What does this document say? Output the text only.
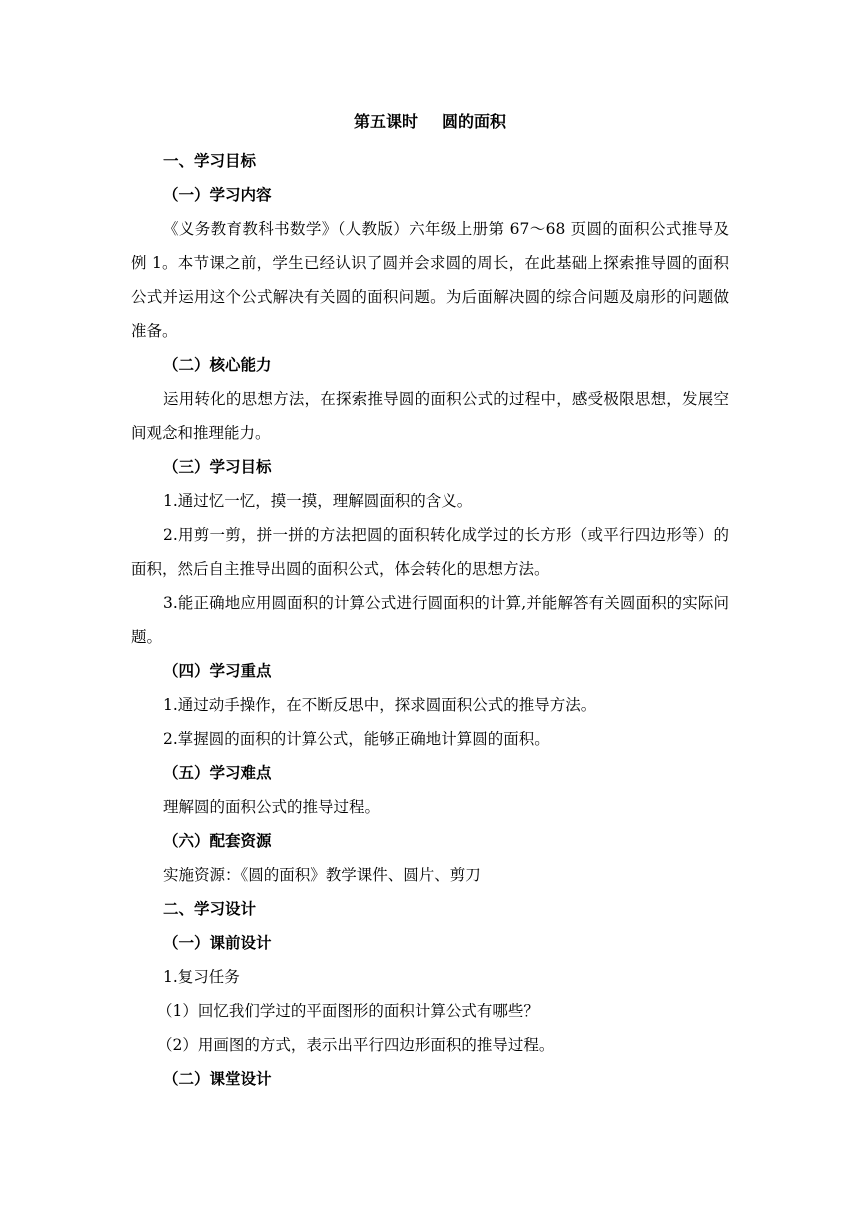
第五课时 圆的面积

一、学习目标

（一）学习内容

《义务教育教科书数学》（人教版）六年级上册第 67～68 页圆的面积公式推导及例 1。本节课之前，学生已经认识了圆并会求圆的周长，在此基础上探索推导圆的面积公式并运用这个公式解决有关圆的面积问题。为后面解决圆的综合问题及扇形的问题做准备。

（二）核心能力

运用转化的思想方法，在探索推导圆的面积公式的过程中，感受极限思想，发展空间观念和推理能力。

（三）学习目标

1.通过忆一忆，摸一摸，理解圆面积的含义。

2.用剪一剪，拼一拼的方法把圆的面积转化成学过的长方形（或平行四边形等）的面积，然后自主推导出圆的面积公式，体会转化的思想方法。

3.能正确地应用圆面积的计算公式进行圆面积的计算,并能解答有关圆面积的实际问题。

（四）学习重点

1.通过动手操作，在不断反思中，探求圆面积公式的推导方法。

2.掌握圆的面积的计算公式，能够正确地计算圆的面积。

（五）学习难点

理解圆的面积公式的推导过程。

（六）配套资源

实施资源：《圆的面积》教学课件、圆片、剪刀

二、学习设计

（一）课前设计

1.复习任务

（1）回忆我们学过的平面图形的面积计算公式有哪些？

（2）用画图的方式，表示出平行四边形面积的推导过程。

（二）课堂设计
